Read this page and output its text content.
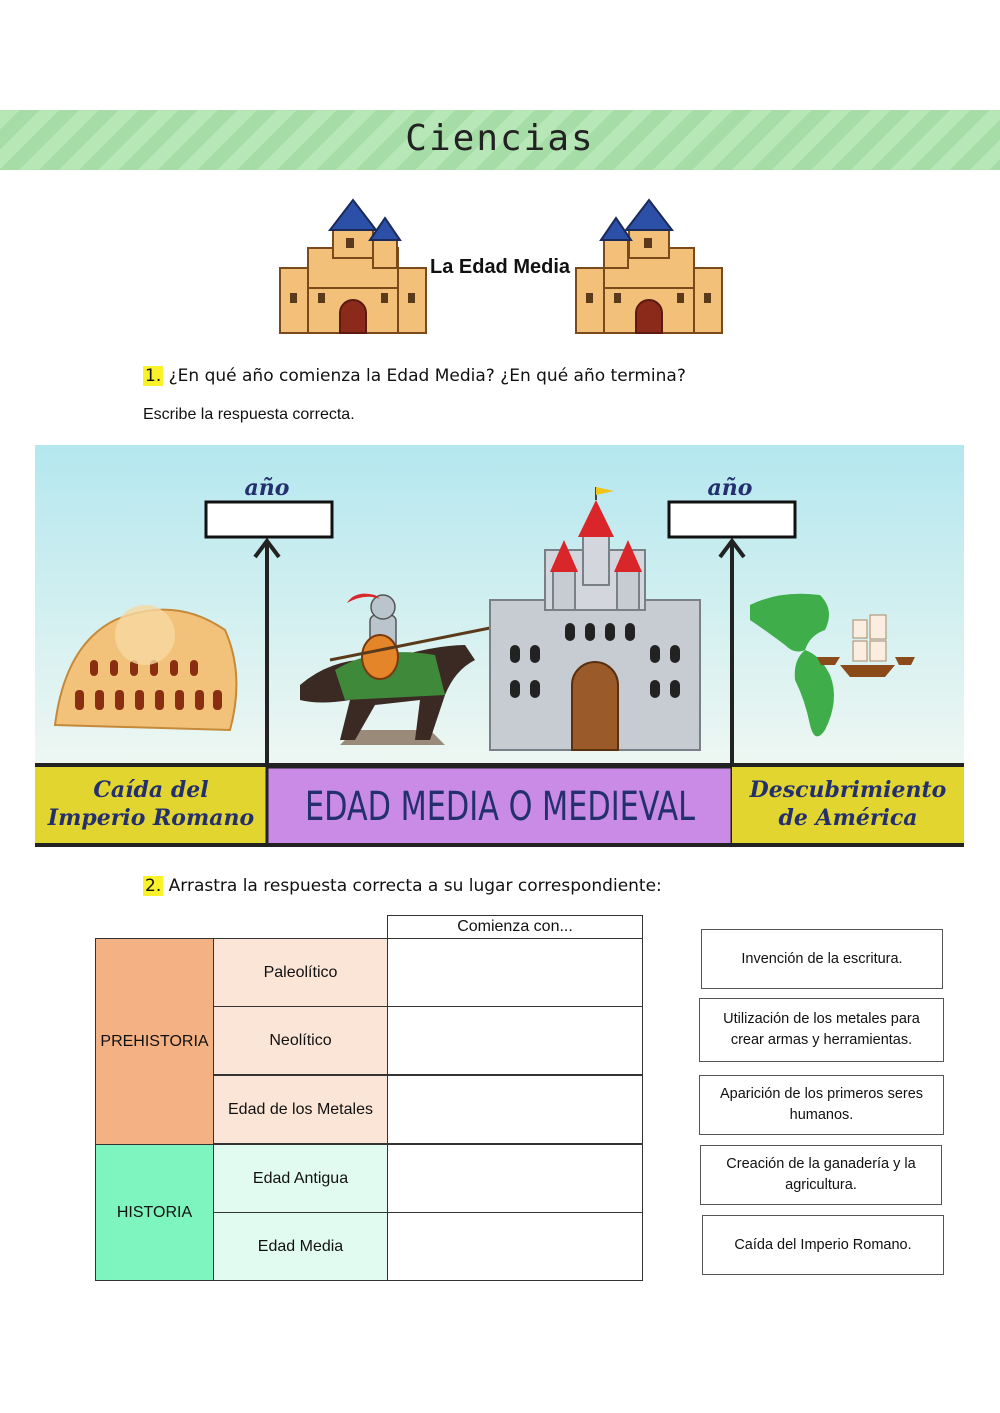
Ciencias
La Edad Media
1. ¿En qué año comienza la Edad Media? ¿En qué año termina?
Escribe la respuesta correcta.
año	año
Caída del
Imperio Romano EDAD MEDIA O MEDIEVAL Descubrimiento
de América
2. Arrastra la respuesta correcta a su lugar correspondiente:
Comienza con...
PREHISTORIA
HISTORIA
Paleolítico
Neolítico
Edad de los Metales
Edad Antigua
Edad Media
Invención de la escritura.
Utilización de los metales para crear armas y herramientas.
Aparición de los primeros seres humanos.
Creación de la ganadería y la agricultura.
Caída del Imperio Romano.
